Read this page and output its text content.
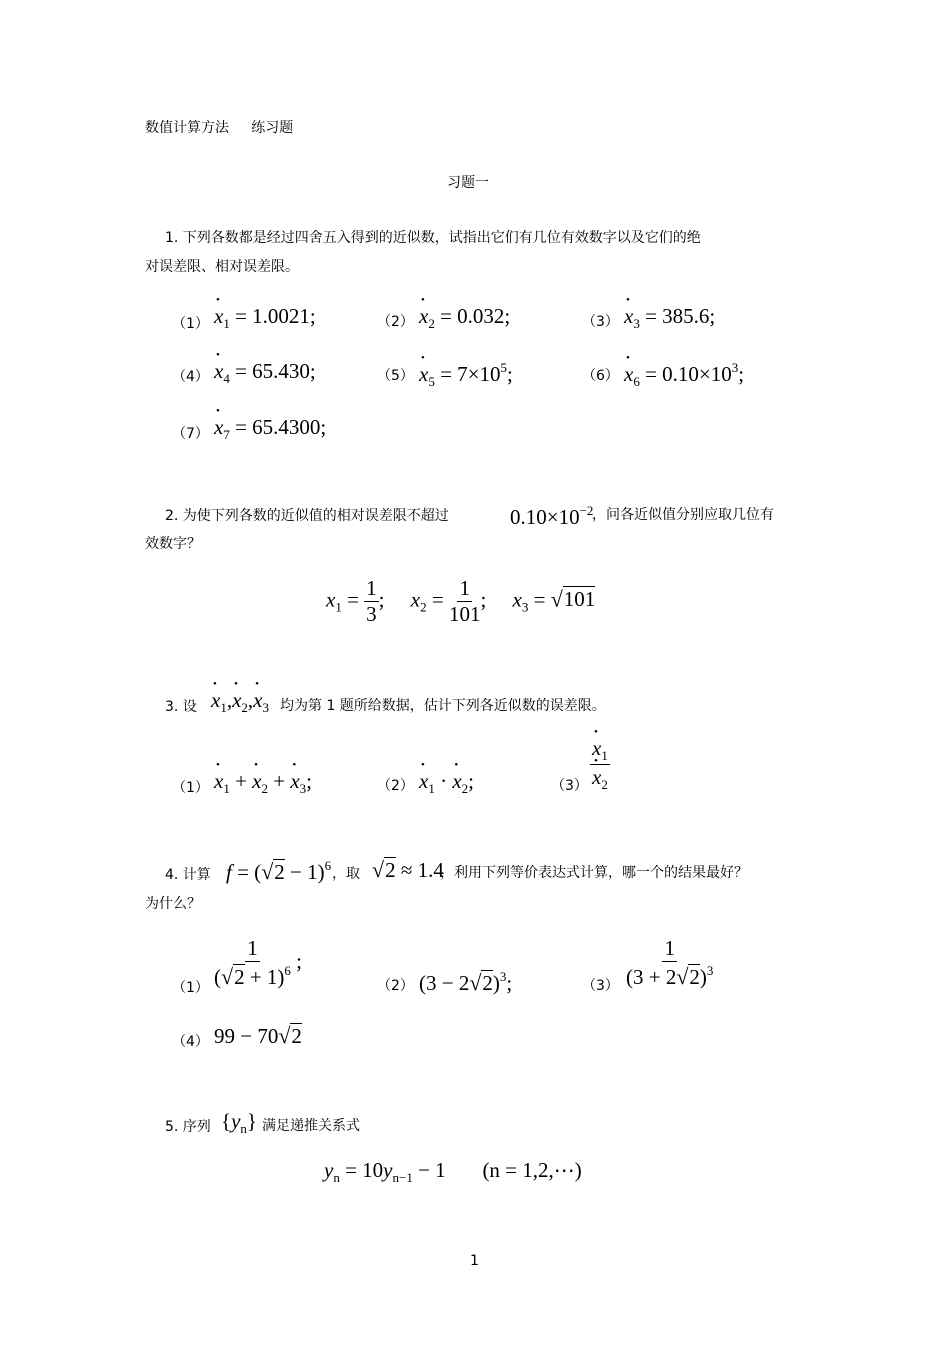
数值计算方法 练习题
习题一
1. 下列各数都是经过四舍五入得到的近似数，试指出它们有几位有效数字以及它们的绝
对误差限、相对误差限。
（1） • $x_1 = 1.0021$;	（2） • $x_2 = 0.032$;	（3） • $x_3 = 385.6$;
（4） • $x_4 = 65.430$;	（5） • $x_5 = 7\times 10^5$;	（6） • $x_6 = 0.10\times 10^3$;
（7） • $x_7 = 65.4300$;
2. 为使下列各数的近似值的相对误差限不超过	$0.10\times 10^{-2}$
，问各近似值分别应取几位有
效数字？
$x_1 = \frac{1}{3}$ ;     $x_2 = \frac{1}{101}$ ;     $x_3 = √101$
3. 设 • $x_1,•$ $x_2,•$ $x_3$ 均为第 1 题所给数据，估计下列各近似数的误差限。
（1） • $x_1$ + • $x_2$ + • $x_3$;	（2） • $x_1$ · • $x_2$;	（3） • $x_1$
• $x_2$
4. 计算 $f = (√2 - 1)^6$
，取 √2 ≈ 1.4
，利用下列等价表达式计算，哪一个的结果最好？
为什么？
$(1) \frac{1}{(√2 + 1)^6}$ ;
（2） $(3 - 2√2)^3$;	$(3) \frac{1}{(3 + 2√2)^3}$
（4） 99 − 70√2
5. 序列 $\{y_n\}$ 满足递推关系式
$y_n = 10y_{n-1} - 1$ (n = 1,2,⋯)
1
